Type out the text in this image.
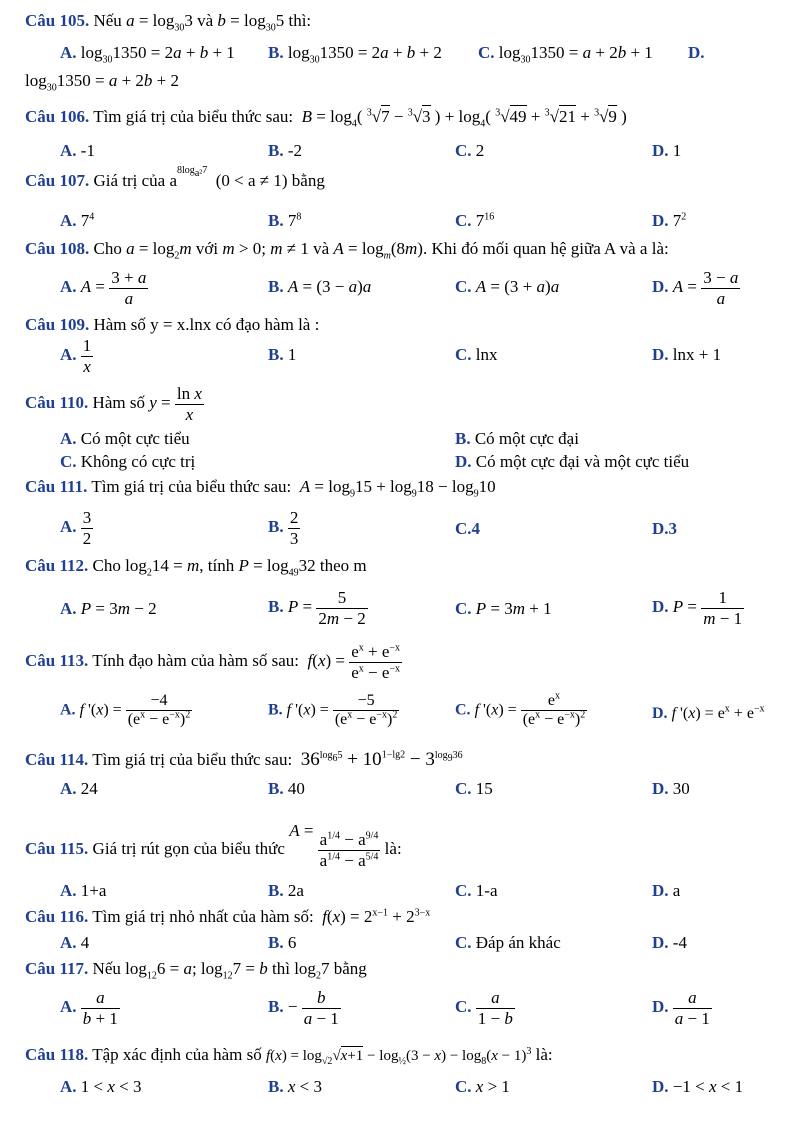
Câu 105. Nếu $a = \log_{30}3$ và $b = \log_{30}5$ thì:
A. $\log_{30}1350 = 2a + b + 1$ B. $\log_{30}1350 = 2a + b + 2$ C. $\log_{30}1350 = a + 2b + 1$ D.
$\log_{30}1350 = a + 2b + 2$
Câu 106. Tìm giá trị của biểu thức sau: $B = \log_4$( $^3$√7 − $^3$√3 ) + $\log_4$( $^3$√49 + $^3$√21 + $^3$√9 )
A. -1	B. -2	C. 2	D. 1
Câu 107. Giá trị của $a^{8log_{a^2}7}$  (0 < a ≠ 1) bằng
A. $7^4$	B. $7^8$	C. $7^{16}$	D. $7^2$
Câu 108. Cho $a = \log_2m$ với m > 0; m ≠ 1 và $A = \log_m(8m)$. Khi đó mối quan hệ giữa A và a là:
A. $A = \frac{3 + a}{a}$	B. A = (3 − a)a	C. A = (3 + a)a	D. $A = \frac{3 - a}{a}$
Câu 109. Hàm số y = x.lnx có đạo hàm là :
A. $\frac{1}{x}$	B. 1	C. lnx	D. lnx + 1
Câu 110. Hàm số $y = \frac{\text{ln x}}{x}$
A. Có một cực tiểu	B. Có một cực đại
C. Không có cực trị	D. Có một cực đại và một cực tiểu
Câu 111. Tìm giá trị của biểu thức sau: $A = \log_915 + \log_918 - \log_910$
A. $\frac{3}{2}$	B. $\frac{2}{3}$	C.4	D.3
Câu 112. Cho $\log_214 = m$, tính $P = \log_{49}32$ theo m
A. P = 3m − 2	B. $P = \frac{5}{2m - 2}$	C. P = 3m + 1	D. $P = \frac{1}{m - 1}$
Câu 113. Tính đạo hàm của hàm số sau: $f(x) = \frac{e^x + e^{-x}}{e^x - e^{-x}}$
A. f '$(x) = \frac{-4}{(e^x - e^{-x})^2}$	B. f '$(x) = \frac{-5}{(e^x - e^{-x})^2}$	C. f '$(x) = \frac{e^x}{(e^x - e^{-x})^2}$	D. f '$(x) = e^x + e^{-x}$
Câu 114. Tìm giá trị của biểu thức sau: $36^{log_65} + 10^{1-lg2} - 3^{log_936}$
A. 24	B. 40	C. 15	D. 30
Câu 115. Giá trị rút gọn của biểu thức $A = \frac{a^{1/4} - a^{9/4}}{a^{1/4} - a^{5/4}}$ là:
A. 1+a	B. 2a	C. 1-a	D. a
Câu 116. Tìm giá trị nhỏ nhất của hàm số: $f(x) = 2^{x-1} + 2^{3-x}$
A. 4	B. 6	C. Đáp án khác	D. -4
Câu 117. Nếu $\log_{12}6 = a$; $\log_{12}7 = b$ thì $\log_27$ bằng
A. $\frac{a}{b + 1}$	B. − $\frac{b}{a - 1}$	C. $\frac{a}{1 - b}$	D. $\frac{a}{a - 1}$
Câu 118. Tập xác định của hàm số $f(x) = \log_{√2}√x+1 - \log_{\frac{1}{2}}(3 - x) - \log_8(x - 1)^3$ là:
A. 1 < x < 3	B. x < 3	C. x > 1	D. −1 < x < 1
